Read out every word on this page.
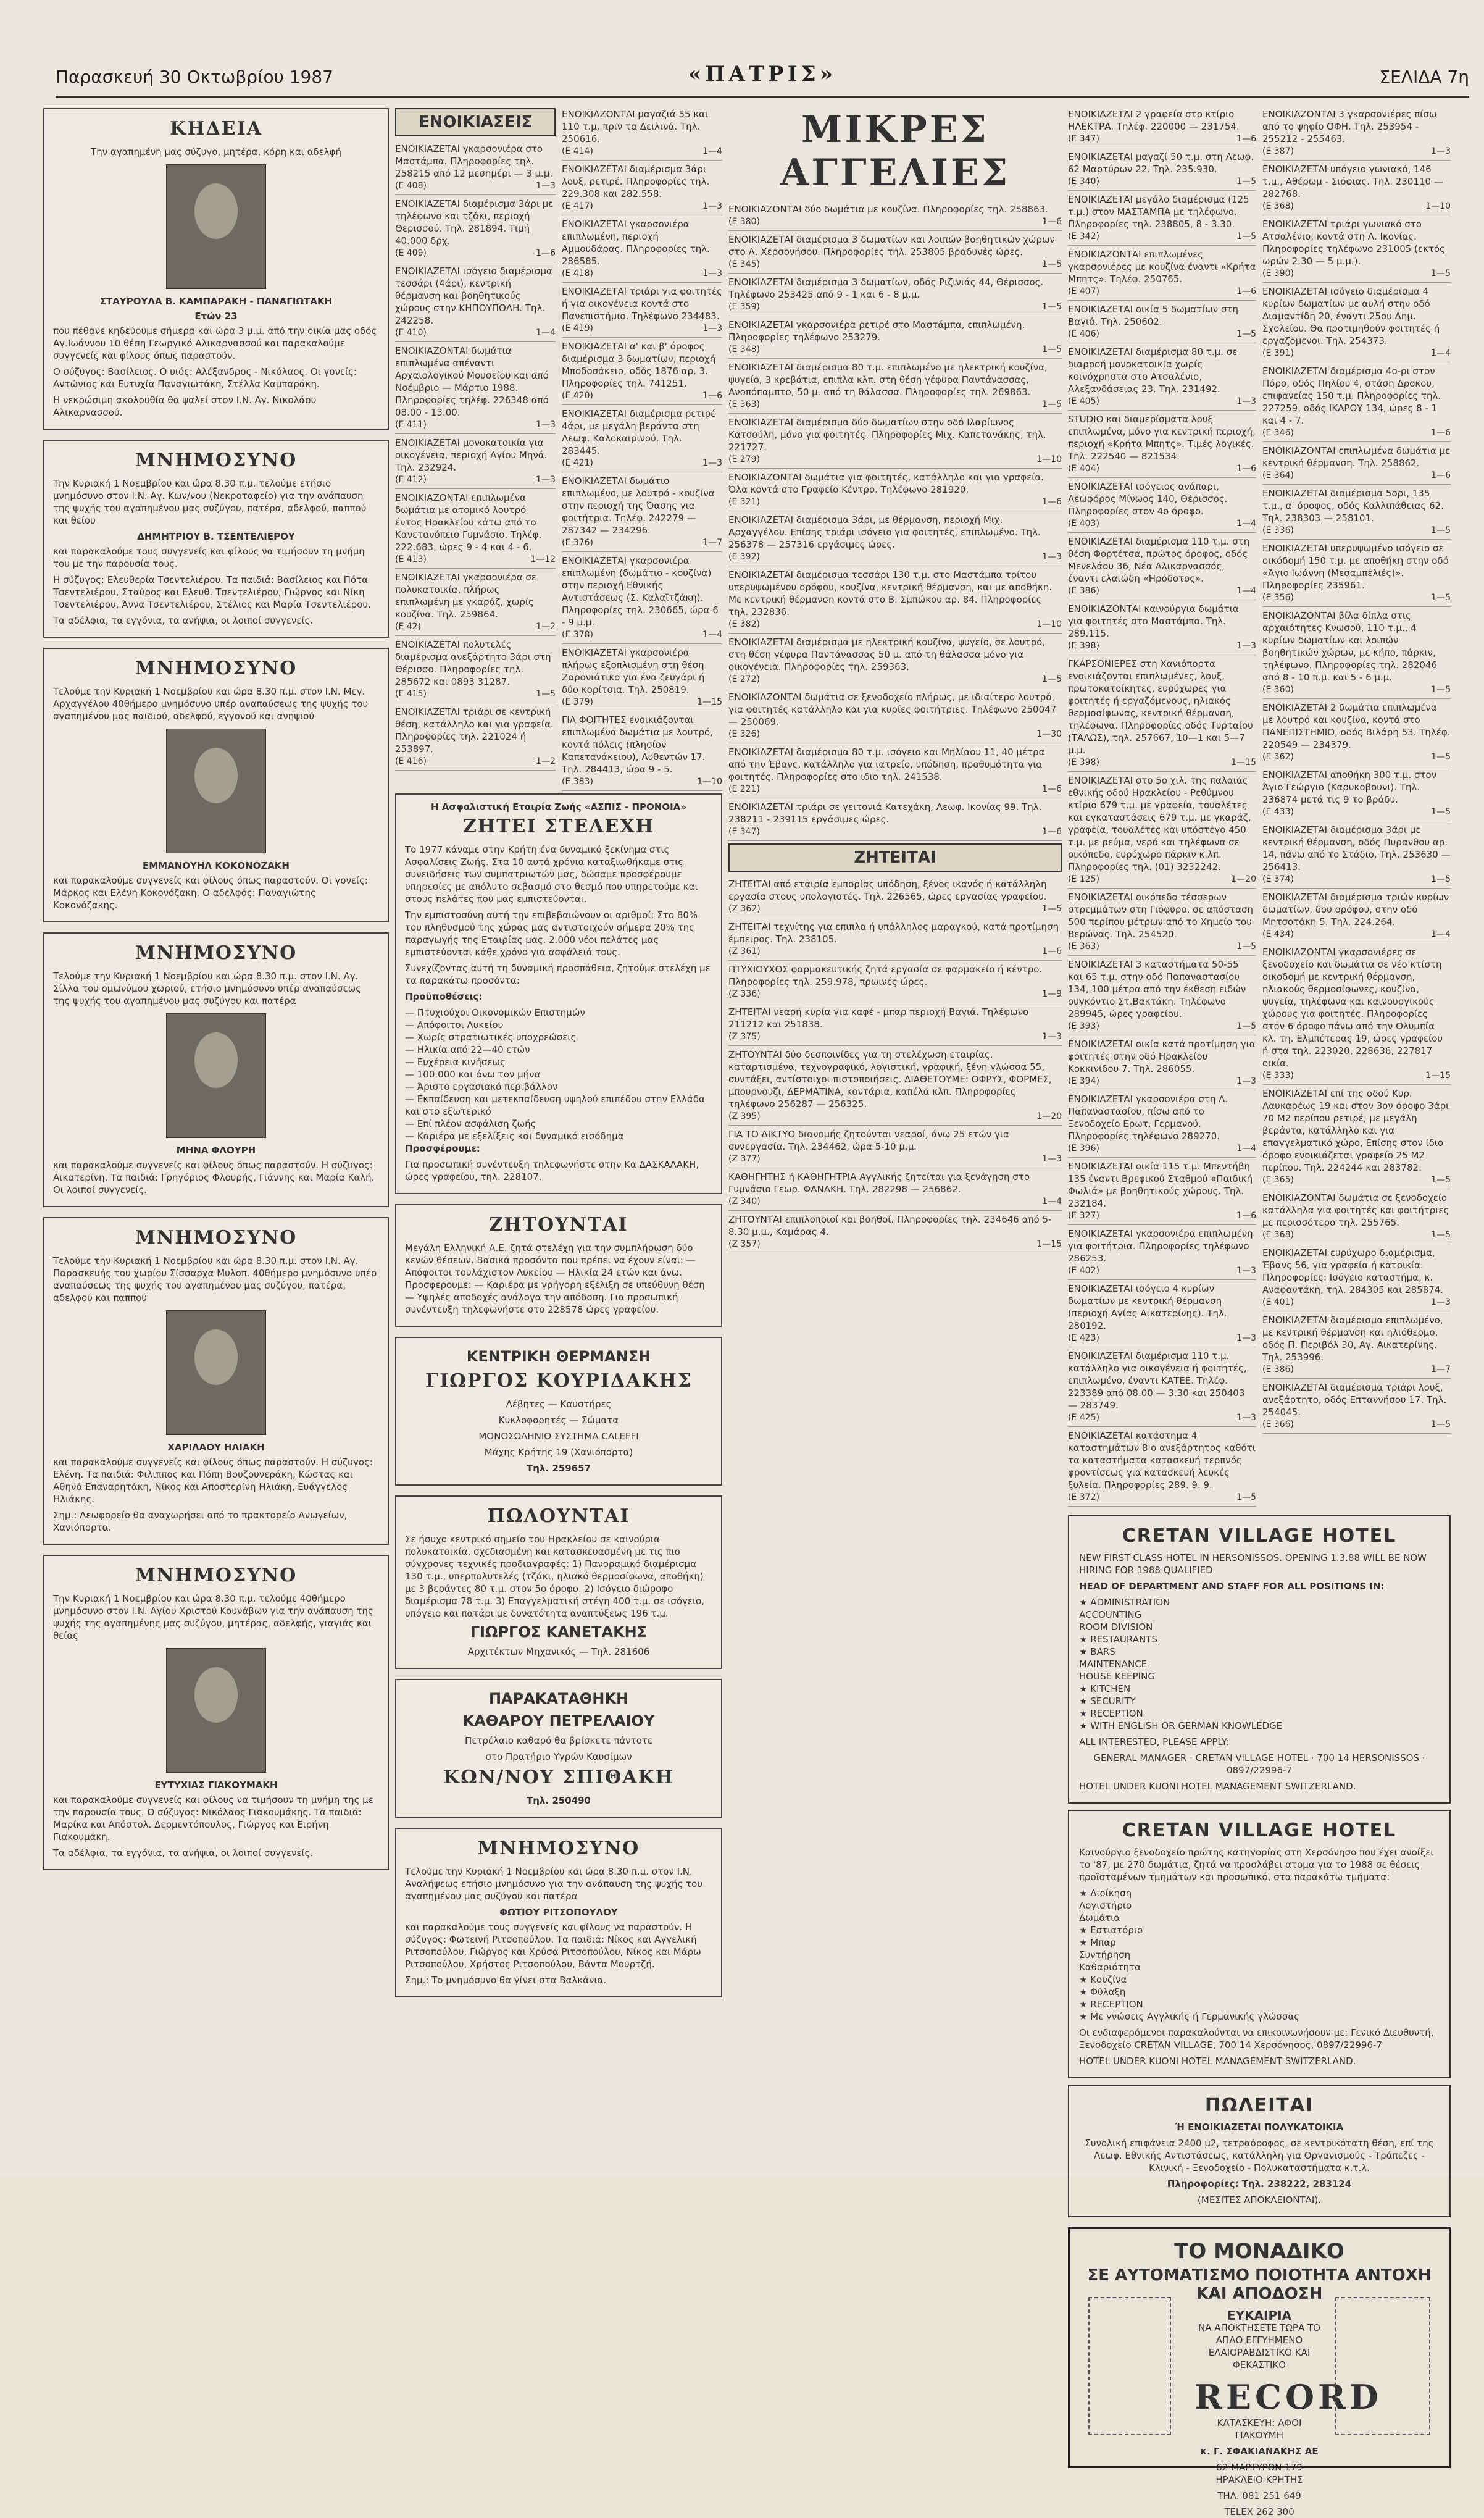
Παρασκευή 30 Οκτωβρίου 1987	«ΠΑΤΡΙΣ»	ΣΕΛΙΔΑ 7η
ΚΗΔΕΙΑ
Την αγαπημένη μας σύζυγο, μητέρα, κόρη και αδελφή
ΣΤΑΥΡΟΥΛΑ Β. ΚΑΜΠΑΡΑΚΗ - ΠΑΝΑΓΙΩΤΑΚΗ
Ετών 23
που πέθανε κηδεύουμε σήμερα και ώρα 3 μ.μ. από την οικία μας οδός Αγ.Ιωάννου 10 θέση Γεωργικό Αλικαρνασσού και παρακαλούμε συγγενείς και φίλους όπως παραστούν.
Ο σύζυγος: Βασίλειος. Ο υιός: Αλέξανδρος - Νικόλαος. Οι γονείς: Αντώνιος και Ευτυχία Παναγιωτάκη, Στέλλα Καμπαράκη.
Η νεκρώσιμη ακολουθία θα ψαλεί στον Ι.Ν. Αγ. Νικολάου Αλικαρνασσού.
ΜΝΗΜΟΣΥΝΟ
Την Κυριακή 1 Νοεμβρίου και ώρα 8.30 π.μ. τελούμε ετήσιο μνημόσυνο στον Ι.Ν. Αγ. Κων/νου (Νεκροταφείο) για την ανάπαυση της ψυχής του αγαπημένου μας συζύγου, πατέρα, αδελφού, παππού και θείου
ΔΗΜΗΤΡΙΟΥ Β. ΤΣΕΝΤΕΛΙΕΡΟΥ
και παρακαλούμε τους συγγενείς και φίλους να τιμήσουν τη μνήμη του με την παρουσία τους.
Η σύζυγος: Ελευθερία Τσεντελιέρου. Τα παιδιά: Βασίλειος και Πότα Τσεντελιέρου, Σταύρος και Ελευθ. Τσεντελιέρου, Γιώργος και Νίκη Τσεντελιέρου, Άννα Τσεντελιέρου, Στέλιος και Μαρία Τσεντελιέρου.
Τα αδέλφια, τα εγγόνια, τα ανήψια, οι λοιποί συγγενείς.
ΜΝΗΜΟΣΥΝΟ
Τελούμε την Κυριακή 1 Νοεμβρίου και ώρα 8.30 π.μ. στον Ι.Ν. Μεγ. Αρχαγγέλου 40θήμερο μνημόσυνο υπέρ αναπαύσεως της ψυχής του αγαπημένου μας παιδιού, αδελφού, εγγονού και ανηψιού
ΕΜΜΑΝΟΥΗΛ ΚΟΚΟΝΟΖΑΚΗ
και παρακαλούμε συγγενείς και φίλους όπως παραστούν. Οι γονείς: Μάρκος και Ελένη Κοκονόζακη. Ο αδελφός: Παναγιώτης Κοκονόζακης.
ΜΝΗΜΟΣΥΝΟ
Τελούμε την Κυριακή 1 Νοεμβρίου και ώρα 8.30 π.μ. στον Ι.Ν. Αγ. Σίλλα του ομωνύμου χωριού, ετήσιο μνημόσυνο υπέρ αναπαύσεως της ψυχής του αγαπημένου μας συζύγου και πατέρα
ΜΗΝΑ ΦΛΟΥΡΗ
και παρακαλούμε συγγενείς και φίλους όπως παραστούν. Η σύζυγος: Αικατερίνη. Τα παιδιά: Γρηγόριος Φλουρής, Γιάννης και Μαρία Καλή. Οι λοιποί συγγενείς.
ΜΝΗΜΟΣΥΝΟ
Τελούμε την Κυριακή 1 Νοεμβρίου και ώρα 8.30 π.μ. στον Ι.Ν. Αγ. Παρασκευής του χωρίου Σίσσαρχα Μυλοπ. 40θήμερο μνημόσυνο υπέρ αναπαύσεως της ψυχής του αγαπημένου μας συζύγου, πατέρα, αδελφού και παππού
ΧΑΡΙΛΑΟΥ ΗΛΙΑΚΗ
και παρακαλούμε συγγενείς και φίλους όπως παραστούν. Η σύζυγος: Ελένη. Τα παιδιά: Φιλιππος και Πόπη Βουζουνεράκη, Κώστας και Αθηνά Επαναρητάκη, Νίκος και Αποστερίνη Ηλιάκη, Ευάγγελος Ηλιάκης.
Σημ.: Λεωφορείο θα αναχωρήσει από το πρακτορείο Ανωγείων, Χανιόπορτα.
ΜΝΗΜΟΣΥΝΟ
Την Κυριακή 1 Νοεμβρίου και ώρα 8.30 π.μ. τελούμε 40θήμερο μνημόσυνο στον Ι.Ν. Αγίου Χριστού Κουνάβων για την ανάπαυση της ψυχής της αγαπημένης μας συζύγου, μητέρας, αδελφής, γιαγιάς και θείας
ΕΥΤΥΧΙΑΣ ΓΙΑΚΟΥΜΑΚΗ
και παρακαλούμε συγγενείς και φίλους να τιμήσουν τη μνήμη της με την παρουσία τους. Ο σύζυγος: Νικόλαος Γιακουμάκης. Τα παιδιά: Μαρίκα και Απόστολ. Δερμεντόπουλος, Γιώργος και Ειρήνη Γιακουμάκη.
Τα αδέλφια, τα εγγόνια, τα ανήψια, οι λοιποί συγγενείς.
ΕΝΟΙΚΙΑΣΕΙΣ
ΕΝΟΙΚΙΑΖΕΤΑΙ γκαρσονιέρα στο Μαστάμπα. Πληροφορίες τηλ. 258215 από 12 μεσημέρι — 3 μ.μ.
(Ε 408)	1—3
ΕΝΟΙΚΙΑΖΕΤΑΙ διαμέρισμα 3άρι με τηλέφωνο και τζάκι, περιοχή Θερισσού. Τηλ. 281894. Τιμή 40.000 δρχ.
(Ε 409)	1—6
ΕΝΟΙΚΙΑΖΕΤΑΙ ισόγειο διαμέρισμα τεσσάρι (4άρι), κεντρική θέρμανση και βοηθητικούς χώρους στην ΚΗΠΟΥΠΟΛΗ. Τηλ. 242258.
(Ε 410)	1—4
ΕΝΟΙΚΙΑΖΟΝΤΑΙ δωμάτια επιπλωμένα απέναντι Αρχαιολογικού Μουσείου και από Νοέμβριο — Μάρτιο 1988. Πληροφορίες τηλέφ. 226348 από 08.00 - 13.00.
(Ε 411)	1—3
ΕΝΟΙΚΙΑΖΕΤΑΙ μονοκατοικία για οικογένεια, περιοχή Αγίου Μηνά. Τηλ. 232924.
(Ε 412)	1—3
ΕΝΟΙΚΙΑΖΟΝΤΑΙ επιπλωμένα δωμάτια με ατομικό λουτρό έντος Ηρακλείου κάτω από το Κανετανόπειο Γυμνάσιο. Τηλέφ. 222.683, ώρες 9 - 4 και 4 - 6.
(Ε 413)	1—12
ΕΝΟΙΚΙΑΖΕΤΑΙ γκαρσονιέρα σε πολυκατοικία, πλήρως επιπλωμένη με γκαράζ, χωρίς κουζίνα. Τηλ. 259864.
(Ε 42)	1—2
ΕΝΟΙΚΙΑΖΕΤΑΙ πολυτελές διαμέρισμα ανεξάρτητο 3άρι στη Θέρισσο. Πληροφορίες τηλ. 285672 και 0893 31287.
(Ε 415)	1—5
ΕΝΟΙΚΙΑΖΕΤΑΙ τριάρι σε κεντρική θέση, κατάλληλο και για γραφεία. Πληροφορίες τηλ. 221024 ή 253897.
(Ε 416)	1—2
ΕΝΟΙΚΙΑΖΟΝΤΑΙ μαγαζιά 55 και 110 τ.μ. πριν τα Δειλινά. Τηλ. 250616.
(Ε 414)	1—4
ΕΝΟΙΚΙΑΖΕΤΑΙ διαμέρισμα 3άρι λουξ, ρετιρέ. Πληροφορίες τηλ. 229.308 και 282.558.
(Ε 417)	1—3
ΕΝΟΙΚΙΑΖΕΤΑΙ γκαρσονιέρα επιπλωμένη, περιοχή Αμμουδάρας. Πληροφορίες τηλ. 286585.
(Ε 418)	1—3
ΕΝΟΙΚΙΑΖΕΤΑΙ τριάρι για φοιτητές ή για οικογένεια κοντά στο Πανεπιστήμιο. Τηλέφωνο 234483.
(Ε 419)	1—3
ΕΝΟΙΚΙΑΖΕΤΑΙ α' και β' όροφος διαμέρισμα 3 δωματίων, περιοχή Μποδοσάκειο, οδός 1876 αρ. 3. Πληροφορίες τηλ. 741251.
(Ε 420)	1—6
ΕΝΟΙΚΙΑΖΕΤΑΙ διαμέρισμα ρετιρέ 4άρι, με μεγάλη βεράντα στη Λεωφ. Καλοκαιρινού. Τηλ. 283445.
(Ε 421)	1—3
ΕΝΟΙΚΙΑΖΕΤΑΙ δωμάτιο επιπλωμένο, με λουτρό - κουζίνα στην περιοχή της Όασης για φοιτήτρια. Τηλέφ. 242279 — 287342 — 234296.
(Ε 376)	1—7
ΕΝΟΙΚΙΑΖΕΤΑΙ γκαρσονιέρα επιπλωμένη (δωμάτιο - κουζίνα) στην περιοχή Εθνικής Αντιστάσεως (Σ. Καλαϊτζάκη). Πληροφορίες τηλ. 230665, ώρα 6 - 9 μ.μ.
(Ε 378)	1—4
ΕΝΟΙΚΙΑΖΕΤΑΙ γκαρσονιέρα πλήρως εξοπλισμένη στη θέση Ζαρονιάτικο για ένα ζευγάρι ή δύο κορίτσια. Τηλ. 250819.
(Ε 379)	1—15
ΓΙΑ ΦΟΙΤΗΤΕΣ ενοικιάζονται επιπλωμένα δωμάτια με λουτρό, κοντά πόλεις (πλησίον Καπετανάκειου), Αυθεντών 17. Τηλ. 284413, ώρα 9 - 5.
(Ε 383)	1—10
Η Ασφαλιστική Εταιρία Ζωής «ΑΣΠΙΣ - ΠΡΟΝΟΙΑ»
ΖΗΤΕΙ ΣΤΕΛΕΧΗ
Το 1977 κάναμε στην Κρήτη ένα δυναμικό ξεκίνημα στις Ασφαλίσεις Ζωής. Στα 10 αυτά χρόνια καταξιωθήκαμε στις συνειδήσεις των συμπατριωτών μας, δώσαμε προσφέρουμε υπηρεσίες με απόλυτο σεβασμό στο θεσμό που υπηρετούμε και στους πελάτες που μας εμπιστεύονται.
Την εμπιστοσύνη αυτή την επιβεβαιώνουν οι αριθμοί: Στο 80% του πληθυσμού της χώρας μας αντιστοιχούν σήμερα 20% της παραγωγής της Εταιρίας μας. 2.000 νέοι πελάτες μας εμπιστεύονται κάθε χρόνο για ασφάλειά τους.
Συνεχίζοντας αυτή τη δυναμική προσπάθεια, ζητούμε στελέχη με τα παρακάτω προσόντα:
Προϋποθέσεις:
— Πτυχιούχοι Οικονομικών Επιστημών
— Απόφοιτοι Λυκείου
— Χωρίς στρατιωτικές υποχρεώσεις
— Ηλικία από 22—40 ετών
— Ευχέρεια κινήσεως
— 100.000 και άνω τον μήνα
— Άριστο εργασιακό περιβάλλον
— Εκπαίδευση και μετεκπαίδευση υψηλού επιπέδου στην Ελλάδα και στο εξωτερικό
— Επί πλέον ασφάλιση ζωής
— Καριέρα με εξελίξεις και δυναμικό εισόδημα
Προσφέρουμε:
Για προσωπική συνέντευξη τηλεφωνήστε στην Κα ΔΑΣΚΑΛΑΚΗ, ώρες γραφείου, τηλ. 228107.
ΖΗΤΟΥΝΤΑΙ
Μεγάλη Ελληνική Α.Ε. ζητά στελέχη για την συμπλήρωση δύο κενών θέσεων. Βασικά προσόντα που πρέπει να έχουν είναι: — Απόφοιτοι τουλάχιστον Λυκείου — Ηλικία 24 ετών και άνω. Προσφερουμε: — Καριέρα με γρήγορη εξέλιξη σε υπεύθυνη θέση — Υψηλές αποδοχές ανάλογα την απόδοση. Για προσωπική συνέντευξη τηλεφωνήστε στο 228578 ώρες γραφείου.
ΚΕΝΤΡΙΚΗ ΘΕΡΜΑΝΣΗ
ΓΙΩΡΓΟΣ ΚΟΥΡΙΔΑΚΗΣ
Λέβητες — Καυστήρες
Κυκλοφορητές — Σώματα
ΜΟΝΟΣΩΛΗΝΙΟ ΣΥΣΤΗΜΑ CALEFFI
Μάχης Κρήτης 19 (Χανιόπορτα)
Τηλ. 259657
ΠΩΛΟΥΝΤΑΙ
Σε ήσυχο κεντρικό σημείο του Ηρακλείου σε καινούρια πολυκατοικία, σχεδιασμένη και κατασκευασμένη με τις πιο σύγχρονες τεχνικές προδιαγραφές: 1) Πανοραμικό διαμέρισμα 130 τ.μ., υπερπολυτελές (τζάκι, ηλιακό θερμοσίφωνα, αποθήκη) με 3 βεράντες 80 τ.μ. στον 5ο όροφο. 2) Ισόγειο διώροφο διαμέρισμα 78 τ.μ. 3) Επαγγελματική στέγη 400 τ.μ. σε ισόγειο, υπόγειο και πατάρι με δυνατότητα αναπτύξεως 196 τ.μ.
ΓΙΩΡΓΟΣ ΚΑΝΕΤΑΚΗΣ
Αρχιτέκτων Μηχανικός — Τηλ. 281606
ΠΑΡΑΚΑΤΑΘΗΚΗ
ΚΑΘΑΡΟΥ ΠΕΤΡΕΛΑΙΟΥ
Πετρέλαιο καθαρό θα βρίσκετε πάντοτε
στο Πρατήριο Υγρών Καυσίμων
ΚΩΝ/ΝΟΥ ΣΠΙΘΑΚΗ
Τηλ. 250490
ΜΝΗΜΟΣΥΝΟ
Τελούμε την Κυριακή 1 Νοεμβρίου και ώρα 8.30 π.μ. στον Ι.Ν. Αναλήψεως ετήσιο μνημόσυνο για την ανάπαυση της ψυχής του αγαπημένου μας συζύγου και πατέρα
ΦΩΤΙΟΥ ΡΙΤΣΟΠΟΥΛΟΥ
και παρακαλούμε τους συγγενείς και φίλους να παραστούν. Η σύζυγος: Φωτεινή Ριτσοπούλου. Τα παιδιά: Νίκος και Αγγελική Ριτσοπούλου, Γιώργος και Χρύσα Ριτσοπούλου, Νίκος και Μάρω Ριτσοπούλου, Χρήστος Ριτσοπούλου, Βάντα Μουρτζή.
Σημ.: Το μνημόσυνο θα γίνει στα Βαλκάνια.
ΜΙΚΡΕΣ ΑΓΓΕΛΙΕΣ
ΕΝΟΙΚΙΑΖΟΝΤΑΙ δύο δωμάτια με κουζίνα. Πληροφορίες τηλ. 258863.
(Ε 380)	1—6
ΕΝΟΙΚΙΑΖΕΤΑΙ διαμέρισμα 3 δωματίων και λοιπών βοηθητικών χώρων στο Λ. Χερσονήσου. Πληροφορίες τηλ. 253805 βραδυνές ώρες.
(Ε 345)	1—5
ΕΝΟΙΚΙΑΖΕΤΑΙ διαμέρισμα 3 δωματίων, οδός Ριζινιάς 44, Θέρισσος. Τηλέφωνο 253425 από 9 - 1 και 6 - 8 μ.μ.
(Ε 359)	1—5
ΕΝΟΙΚΙΑΖΕΤΑΙ γκαρσονιέρα ρετιρέ στο Μαστάμπα, επιπλωμένη. Πληροφορίες τηλέφωνο 253279.
(Ε 348)	1—5
ΕΝΟΙΚΙΑΖΕΤΑΙ διαμέρισμα 80 τ.μ. επιπλωμένο με ηλεκτρική κουζίνα, ψυγείο, 3 κρεβάτια, επιπλα κλπ. στη θέση γέφυρα Παντάνασσας, Ανοπόπαμπτο, 50 μ. από τη θάλασσα. Πληροφορίες τηλ. 269863.
(Ε 363)	1—5
ΕΝΟΙΚΙΑΖΕΤΑΙ διαμέρισμα δύο δωματίων στην οδό Ιλαρίωνος Κατσούλη, μόνο για φοιτητές. Πληροφορίες Μιχ. Καπετανάκης, τηλ. 221727.
(Ε 279)	1—10
ΕΝΟΙΚΙΑΖΟΝΤΑΙ δωμάτια για φοιτητές, κατάλληλο και για γραφεία. Όλα κοντά στο Γραφείο Κέντρο. Τηλέφωνο 281920.
(Ε 321)	1—6
ΕΝΟΙΚΙΑΖΕΤΑΙ διαμέρισμα 3άρι, με θέρμανση, περιοχή Μιχ. Αρχαγγέλου. Επίσης τριάρι ισόγειο για φοιτητές, επιπλωμένο. Τηλ. 256378 — 257316 εργάσιμες ώρες.
(Ε 392)	1—3
ΕΝΟΙΚΙΑΖΕΤΑΙ διαμέρισμα τεσσάρι 130 τ.μ. στο Μαστάμπα τρίτου υπερυψωμένου ορόφου, κουζίνα, κεντρική θέρμανση, και με αποθήκη. Με κεντρική θέρμανση κοντά στο Β. Σμπώκου αρ. 84. Πληροφορίες τηλ. 232836.
(Ε 382)	1—10
ΕΝΟΙΚΙΑΖΕΤΑΙ διαμέρισμα με ηλεκτρική κουζίνα, ψυγείο, σε λουτρό, στη θέση γέφυρα Παντάνασσας 50 μ. από τη θάλασσα μόνο για οικογένεια. Πληροφορίες τηλ. 259363.
(Ε 272)	1—5
ΕΝΟΙΚΙΑΖΟΝΤΑΙ δωμάτια σε ξενοδοχείο πλήρως, με ιδιαίτερο λουτρό, για φοιτητές κατάλληλο και για κυρίες φοιτήτριες. Τηλέφωνο 250047 — 250069.
(Ε 326)	1—30
ΕΝΟΙΚΙΑΖΕΤΑΙ διαμέρισμα 80 τ.μ. ισόγειο και Μηλίαου 11, 40 μέτρα από την Έβανς, κατάλληλο για ιατρείο, υπόδηση, προθυμότητα για φοιτητές. Πληροφορίες στο ιδιο τηλ. 241538.
(Ε 221)	1—6
ΕΝΟΙΚΙΑΖΕΤΑΙ τριάρι σε γειτονιά Κατεχάκη, Λεωφ. Ικονίας 99. Τηλ. 238211 - 239115 εργάσιμες ώρες.
(Ε 347)	1—6
ΖΗΤΕΙΤΑΙ
ΖΗΤΕΙΤΑΙ από εταιρία εμπορίας υπόδηση, ξένος ικανός ή κατάλληλη εργασία στους υπολογιστές. Τηλ. 226565, ώρες εργασίας γραφείου.
(Ζ 362)	1—5
ΖΗΤΕΙΤΑΙ τεχνίτης για επιπλα ή υπάλληλος μαραγκού, κατά προτίμηση έμπειρος. Τηλ. 238105.
(Ζ 361)	1—6
ΠΤΥΧΙΟΥΧΟΣ φαρμακευτικής ζητά εργασία σε φαρμακείο ή κέντρο. Πληροφορίες τηλ. 259.978, πρωινές ώρες.
(Ζ 336)	1—9
ΖΗΤΕΙΤΑΙ νεαρή κυρία για καφέ - μπαρ περιοχή Βαγιά. Τηλέφωνο 211212 και 251838.
(Ζ 375)	1—3
ΖΗΤΟΥΝΤΑΙ δύο δεσποινίδες για τη στελέχωση εταιρίας, καταρτισμένα, τεχνογραφικό, λογιστική, γραφική, ξένη γλώσσα 55, συντάξει, αντίστοιχοι πιστοποιήσεις. ΔΙΑΘΕΤΟΥΜΕ: ΟΦΡΥΣ, ΦΟΡΜΕΣ, μπουρνουζι, ΔΕΡΜΑΤΙΝΑ, κοντάρια, καπέλα κλπ. Πληροφορίες τηλέφωνο 256287 — 256325.
(Ζ 395)	1—20
ΓΙΑ ΤΟ ΔΙΚΤΥΟ διανομής ζητούνται νεαροί, άνω 25 ετών για συνεργασία. Τηλ. 234462, ώρα 5-10 μ.μ.
(Ζ 377)	1—3
ΚΑΘΗΓΗΤΗΣ ή ΚΑΘΗΓΗΤΡΙΑ Αγγλικής ζητείται για ξενάγηση στο Γυμνάσιο Γεωρ. ΦΑΝΑΚΗ. Τηλ. 282298 — 256862.
(Ζ 340)	1—4
ΖΗΤΟΥΝΤΑΙ επιπλοποιοί και βοηθοί. Πληροφορίες τηλ. 234646 από 5-8.30 μ.μ., Καμάρας 4.
(Ζ 357)	1—15
ΕΝΟΙΚΙΑΖΕΤΑΙ 2 γραφεία στο κτίριο ΗΛΕΚΤΡΑ. Τηλέφ. 220000 — 231754.
(Ε 347)	1—6
ΕΝΟΙΚΙΑΖΕΤΑΙ μαγαζί 50 τ.μ. στη Λεωφ. 62 Μαρτύρων 22. Τηλ. 235.930.
(Ε 340)	1—5
ΕΝΟΙΚΙΑΖΕΤΑΙ μεγάλο διαμέρισμα (125 τ.μ.) στον ΜΑΣΤΑΜΠΑ με τηλέφωνο. Πληροφορίες τηλ. 238805, 8 - 3.30.
(Ε 342)	1—5
ΕΝΟΙΚΙΑΖΟΝΤΑΙ επιπλωμένες γκαρσονιέρες με κουζίνα έναντι «Κρήτα Μπητς». Τηλέφ. 250765.
(Ε 407)	1—6
ΕΝΟΙΚΙΑΖΕΤΑΙ οικία 5 δωματίων στη Βαγιά. Τηλ. 250602.
(Ε 406)	1—5
ΕΝΟΙΚΙΑΖΕΤΑΙ διαμέρισμα 80 τ.μ. σε διαρροή μονοκατοικία χωρίς κοινόχρηστα στο Ατσαλένιο, Αλεξανδάσειας 23. Τηλ. 231492.
(Ε 405)	1—3
STUDIO και διαμερίσματα λουξ επιπλωμένα, μόνο για κεντρική περιοχή, περιοχή «Κρήτα Μπητς». Τιμές λογικές. Τηλ. 222540 — 821534.
(Ε 404)	1—6
ΕΝΟΙΚΙΑΖΕΤΑΙ ισόγειος ανάπαρι, Λεωφόρος Μίνωος 140, Θέρισσος. Πληροφορίες στον 4ο όροφο.
(Ε 403)	1—4
ΕΝΟΙΚΙΑΖΕΤΑΙ διαμέρισμα 110 τ.μ. στη θέση Φορτέτσα, πρώτος όροφος, οδός Μενελάου 36, Νέα Αλικαρνασσός, έναντι ελαιώδη «Ηρόδοτος».
(Ε 386)	1—4
ΕΝΟΙΚΙΑΖΟΝΤΑΙ καινούργια δωμάτια για φοιτητές στο Μαστάμπα. Τηλ. 289.115.
(Ε 398)	1—3
ΓΚΑΡΣΟΝΙΕΡΕΣ στη Χανιόπορτα ενοικιάζονται επιπλωμένες, λουξ, πρωτοκατοίκητες, ευρύχωρες για φοιτητές ή εργαζόμενους, ηλιακός θερμοσίφωνας, κεντρική θέρμανση, τηλέφωνα. Πληροφορίες οδός Τυρταίου (ΤΑΛΩΣ), τηλ. 257667, 10—1 και 5—7 μ.μ.
(Ε 398)	1—15
ΕΝΟΙΚΙΑΖΕΤΑΙ στο 5ο χιλ. της παλαιάς εθνικής οδού Ηρακλείου - Ρεθύμνου κτίριο 679 τ.μ. με γραφεία, τουαλέτες και εγκαταστάσεις 679 τ.μ. με γκαράζ, γραφεία, τουαλέτες και υπόστεγο 450 τ.μ. με ρεύμα, νερό και τηλέφωνα σε οικόπεδο, ευρύχωρο πάρκιν κ.λπ. Πληροφορίες τηλ. (01) 3232242.
(Ε 125)	1—20
ΕΝΟΙΚΙΑΖΕΤΑΙ οικόπεδο τέσσερων στρεμμάτων στη Γιόφυρο, σε απόσταση 500 περίπου μέτρων από το Χημείο του Βερώνας. Τηλ. 254520.
(Ε 363)	1—5
ΕΝΟΙΚΙΑΖΕΤΑΙ 3 καταστήματα 50-55 και 65 τ.μ. στην οδό Παπαναστασίου 134, 100 μέτρα από την έκθεση ειδών ουγκόντιο Στ.Βακτάκη. Τηλέφωνο 289945, ώρες γραφείου.
(Ε 393)	1—5
ΕΝΟΙΚΙΑΖΕΤΑΙ οικία κατά προτίμηση για φοιτητές στην οδό Ηρακλείου Κοκκινίδου 7. Τηλ. 286055.
(Ε 394)	1—3
ΕΝΟΙΚΙΑΖΕΤΑΙ γκαρσονιέρα στη Λ. Παπαναστασίου, πίσω από το Ξενοδοχείο Ερωτ. Γερμανού. Πληροφορίες τηλέφωνο 289270.
(Ε 396)	1—4
ΕΝΟΙΚΙΑΖΕΤΑΙ οικία 115 τ.μ. Μπεντήβη 135 έναντι Βρεφικού Σταθμού «Παιδική Φωλιά» με βοηθητικούς χώρους. Τηλ. 232184.
(Ε 327)	1—6
ΕΝΟΙΚΙΑΖΕΤΑΙ γκαρσονιέρα επιπλωμένη για φοιτήτρια. Πληροφορίες τηλέφωνο 286253.
(Ε 402)	1—3
ΕΝΟΙΚΙΑΖΕΤΑΙ ισόγειο 4 κυρίων δωματίων με κεντρική θέρμανση (περιοχή Αγίας Αικατερίνης). Τηλ. 280192.
(Ε 423)	1—3
ΕΝΟΙΚΙΑΖΕΤΑΙ διαμέρισμα 110 τ.μ. κατάλληλο για οικογένεια ή φοιτητές, επιπλωμένο, έναντι ΚΑΤΕΕ. Τηλέφ. 223389 από 08.00 — 3.30 και 250403 — 283749.
(Ε 425)	1—3
ΕΝΟΙΚΙΑΖΕΤΑΙ κατάστημα 4 καταστημάτων 8 ο ανεξάρτητος καθότι τα καταστήματα κατασκευή τερπνός φροντίσεως για κατασκευή λευκές ξυλεία. Πληροφορίες 289. 9. 9.
(Ε 372)	1—5
ΕΝΟΙΚΙΑΖΟΝΤΑΙ 3 γκαρσονιέρες πίσω από το ψηφίο ΟΦΗ. Τηλ. 253954 - 255212 - 255463.
(Ε 387)	1—3
ΕΝΟΙΚΙΑΖΕΤΑΙ υπόγειο γωνιακό, 146 τ.μ., Αθέρωμ - Σιόφιας. Τηλ. 230110 — 282768.
(Ε 368)	1—10
ΕΝΟΙΚΙΑΖΕΤΑΙ τριάρι γωνιακό στο Ατσαλένιο, κοντά στη Λ. Ικονίας. Πληροφορίες τηλέφωνο 231005 (εκτός ωρών 2.30 — 5 μ.μ.).
(Ε 390)	1—5
ΕΝΟΙΚΙΑΖΕΤΑΙ ισόγειο διαμέρισμα 4 κυρίων δωματίων με αυλή στην οδό Διαμαντίδη 20, έναντι 25ου Δημ. Σχολείου. Θα προτιμηθούν φοιτητές ή εργαζόμενοι. Τηλ. 254373.
(Ε 391)	1—4
ΕΝΟΙΚΙΑΖΕΤΑΙ διαμέρισμα 4ο-ρι στον Πόρο, οδός Πηλίου 4, στάση Δροκου, επιφανείας 150 τ.μ. Πληροφορίες τηλ. 227259, οδός ΙΚΑΡΟΥ 134, ώρες 8 - 1 και 4 - 7.
(Ε 346)	1—6
ΕΝΟΙΚΙΑΖΟΝΤΑΙ επιπλωμένα δωμάτια με κεντρική θέρμανση. Τηλ. 258862.
(Ε 364)	1—6
ΕΝΟΙΚΙΑΖΕΤΑΙ διαμέρισμα 5ορι, 135 τ.μ., α' όροφος, οδός Καλλιπάθειας 62. Τηλ. 238303 — 258101.
(Ε 336)	1—5
ΕΝΟΙΚΙΑΖΕΤΑΙ υπερυψωμένο ισόγειο σε οικόδομή 150 τ.μ. με αποθήκη στην οδό «Άγιο Ιωάννη (Μεσαμπελιές)». Πληροφορίες 235961.
(Ε 356)	1—5
ΕΝΟΙΚΙΑΖΟΝΤΑΙ βίλα δίπλα στις αρχαιότητες Κνωσού, 110 τ.μ., 4 κυρίων δωματίων και λοιπών βοηθητικών χώρων, με κήπο, πάρκιν, τηλέφωνο. Πληροφορίες τηλ. 282046 από 8 - 10 π.μ. και 5 - 6 μ.μ.
(Ε 360)	1—5
ΕΝΟΙΚΙΑΖΕΤΑΙ 2 δωμάτια επιπλωμένα με λουτρό και κουζίνα, κοντά στο ΠΑΝΕΠΙΣΤΗΜΙΟ, οδός Βιλάρη 53. Τηλέφ. 220549 — 234379.
(Ε 362)	1—5
ΕΝΟΙΚΙΑΖΕΤΑΙ αποθήκη 300 τ.μ. στον Άγιο Γεώργιο (Καρυκοβουνι). Τηλ. 236874 μετά τις 9 το βράδυ.
(Ε 433)	1—5
ΕΝΟΙΚΙΑΖΕΤΑΙ διαμέρισμα 3άρι με κεντρική θέρμανση, οδός Πυρανθου αρ. 14, πάνω από το Στάδιο. Τηλ. 253630 — 256413.
(Ε 374)	1—5
ΕΝΟΙΚΙΑΖΕΤΑΙ διαμέρισμα τριών κυρίων δωματίων, δου ορόφου, στην οδό Μητσοτάκη 5. Τηλ. 224.264.
(Ε 434)	1—4
ΕΝΟΙΚΙΑΖΟΝΤΑΙ γκαρσονιέρες σε ξενοδοχείο και δωμάτια σε νέο κτίστη οικοδομή με κεντρική θέρμανση, ηλιακούς θερμοσίφωνες, κουζίνα, ψυγεία, τηλέφωνα και καινουργικούς χώρους για φοιτητές. Πληροφορίες στον 6 όροφο πάνω από την Ολυμπία κλ. τη. Ελμπέτερας 19, ώρες γραφείου ή στα τηλ. 223020, 228636, 227817 οικία.
(Ε 333)	1—15
ΕΝΟΙΚΙΑΖΕΤΑΙ επί της οδού Κυρ. Λαυκαρέως 19 και στον 3ον όροφο 3άρι 70 Μ2 περίπου ρετιρέ, με μεγάλη βεράντα, κατάλληλο και για επαγγελματικό χώρο, Επίσης στον ίδιο όροφο ενοικιάζεται γραφείο 25 Μ2 περίπου. Τηλ. 224244 και 283782.
(Ε 365)	1—5
ΕΝΟΙΚΙΑΖΟΝΤΑΙ δωμάτια σε ξενοδοχείο κατάλληλα για φοιτητές και φοιτήτριες με περισσότερο τηλ. 255765.
(Ε 368)	1—5
ΕΝΟΙΚΙΑΖΕΤΑΙ ευρύχωρο διαμέρισμα, Έβανς 56, για γραφεία ή κατοικία. Πληροφορίες: Ισόγειο καταστήμα, κ. Αναφαντάκη, τηλ. 284305 και 285874.
(Ε 401)	1—3
ΕΝΟΙΚΙΑΖΕΤΑΙ διαμέρισμα επιπλωμένο, με κεντρική θέρμανση και ηλιόθερμο, οδός Π. Περιβόλ 30, Αγ. Αικατερίνης. Τηλ. 253996.
(Ε 386)	1—7
ΕΝΟΙΚΙΑΖΕΤΑΙ διαμέρισμα τριάρι λουξ, ανεξάρτητο, οδός Επταννήσου 17. Τηλ. 254045.
(Ε 366)	1—5
CRETAN VILLAGE HOTEL
NEW FIRST CLASS HOTEL IN HERSONISSOS. OPENING 1.3.88 WILL BE NOW HIRING FOR 1988 QUALIFIED
HEAD OF DEPARTMENT AND STAFF FOR ALL POSITIONS IN:
★ ADMINISTRATION
ACCOUNTING
ROOM DIVISION
★ RESTAURANTS
★ BARS
MAINTENANCE
HOUSE KEEPING
★ KITCHEN
★ SECURITY
★ RECEPTION
★ WITH ENGLISH OR GERMAN KNOWLEDGE
ALL INTERESTED, PLEASE APPLY:
GENERAL MANAGER · CRETAN VILLAGE HOTEL · 700 14 HERSONISSOS · 0897/22996-7
HOTEL UNDER KUONI HOTEL MANAGEMENT SWITZERLAND.
CRETAN VILLAGE HOTEL
Καινούργιο ξενοδοχείο πρώτης κατηγορίας στη Χερσόνησο που έχει ανοίξει το '87, με 270 δωμάτια, ζητά να προσλάβει ατομα για το 1988 σε θέσεις προϊσταμένων τμημάτων και προσωπικό, στα παρακάτω τμήματα:
★ Διοίκηση
Λογιστήριο
Δωμάτια
★ Εστιατόριο
★ Μπαρ
Συντήρηση
Καθαριότητα
★ Κουζίνα
★ Φύλαξη
★ RECEPTION
★ Με γνώσεις Αγγλικής ή Γερμανικής γλώσσας
Οι ενδιαφερόμενοι παρακαλούνται να επικοινωνήσουν με: Γενικό Διευθυντή, Ξενοδοχείο CRETAN VILLAGE, 700 14 Χερσόνησος, 0897/22996-7
HOTEL UNDER KUONI HOTEL MANAGEMENT SWITZERLAND.
ΠΩΛΕΙΤΑΙ
Ή ΕΝΟΙΚΙΑΖΕΤΑΙ ΠΟΛΥΚΑΤΟΙΚΙΑ
Συνολική επιφάνεια 2400 μ2, τετραόροφος, σε κεντρικότατη θέση, επί της Λεωφ. Εθνικής Αντιστάσεως, κατάλληλη για Οργανισμούς - Τράπεζες - Κλινική - Ξενοδοχείο - Πολυκαταστήματα κ.τ.λ.
Πληροφορίες: Τηλ. 238222, 283124
(ΜΕΣΙΤΕΣ ΑΠΟΚΛΕΙΟΝΤΑΙ).
ΤΟ ΜΟΝΑΔΙΚΟ
ΣΕ ΑΥΤΟΜΑΤΙΣΜΟ ΠΟΙΟΤΗΤΑ ΑΝΤΟΧΗ ΚΑΙ ΑΠΟΔΟΣΗ
ΕΥΚΑΙΡΙΑ
ΝΑ ΑΠΟΚΤΗΣΕΤΕ ΤΩΡΑ ΤΟ ΑΠΛΟ ΕΓΓΥΗΜΕΝΟ ΕΛΑΙΟΡΑΒΔΙΣΤΙΚΟ ΚΑΙ ΦΕΚΑΣΤΙΚΟ
RECORD
ΚΑΤΑΣΚΕΥΗ: ΑΦΟΙ ΓΙΑΚΟΥΜΗ
κ. Γ. ΣΦΑΚΙΑΝΑΚΗΣ ΑΕ
62 ΜΑΡΤΥΡΩΝ 179 ΗΡΑΚΛΕΙΟ ΚΡΗΤΗΣ
ΤΗΛ. 081 251 649
TELEX 262 300
